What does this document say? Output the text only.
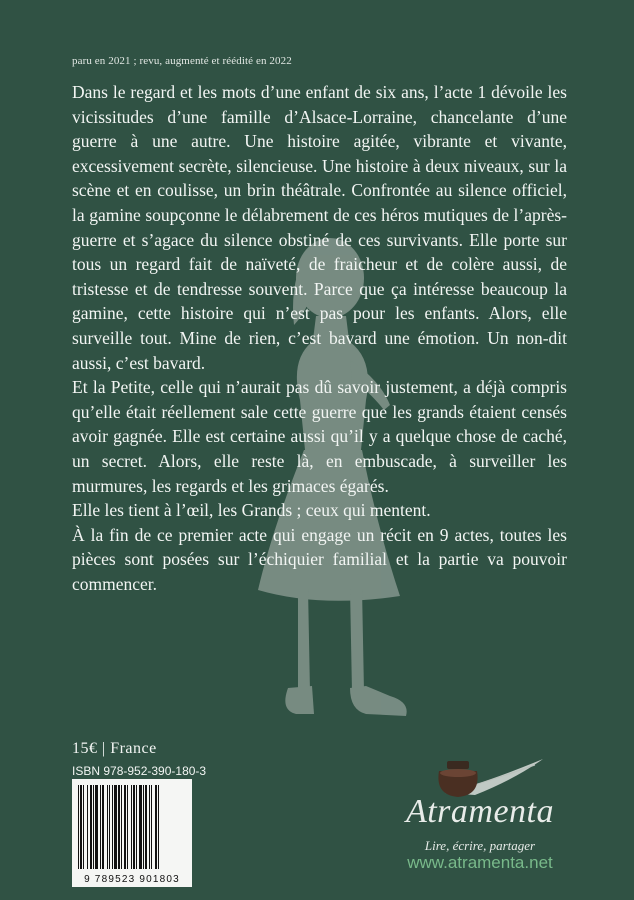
paru en 2021 ; revu, augmenté et réédité en 2022

Dans le regard et les mots d’une enfant de six ans, l’acte 1 dévoile les vicissitudes d’une famille d’Alsace-Lorraine, chancelante d’une guerre à une autre. Une histoire agitée, vibrante et vivante, excessivement secrète, silencieuse. Une histoire à deux niveaux, sur la scène et en coulisse, un brin théâtrale. Confrontée au silence officiel, la gamine soupçonne le délabrement de ces héros mutiques de l’après-guerre et s’agace du silence obstiné de ces survivants. Elle porte sur tous un regard fait de naïveté, de fraicheur et de colère aussi, de tristesse et de tendresse souvent. Parce que ça intéresse beaucoup la gamine, cette histoire qui n’est pas pour les enfants. Alors, elle surveille tout. Mine de rien, c’est bavard une émotion. Un non-dit aussi, c’est bavard.

Et la Petite, celle qui n’aurait pas dû savoir justement, a déjà compris qu’elle était réellement sale cette guerre que les grands étaient censés avoir gagnée. Elle est certaine aussi qu’il y a quelque chose de caché, un secret. Alors, elle reste là, en embuscade, à surveiller les murmures, les regards et les grimaces égarés.

Elle les tient à l’œil, les Grands ; ceux qui mentent.

À la fin de ce premier acte qui engage un récit en 9 actes, toutes les pièces sont posées sur l’échiquier familial et la partie va pouvoir commencer.

15€ | France
ISBN 978-952-390-180-3
9 789523 901803
Atramenta
Lire, écrire, partager
www.atramenta.net
